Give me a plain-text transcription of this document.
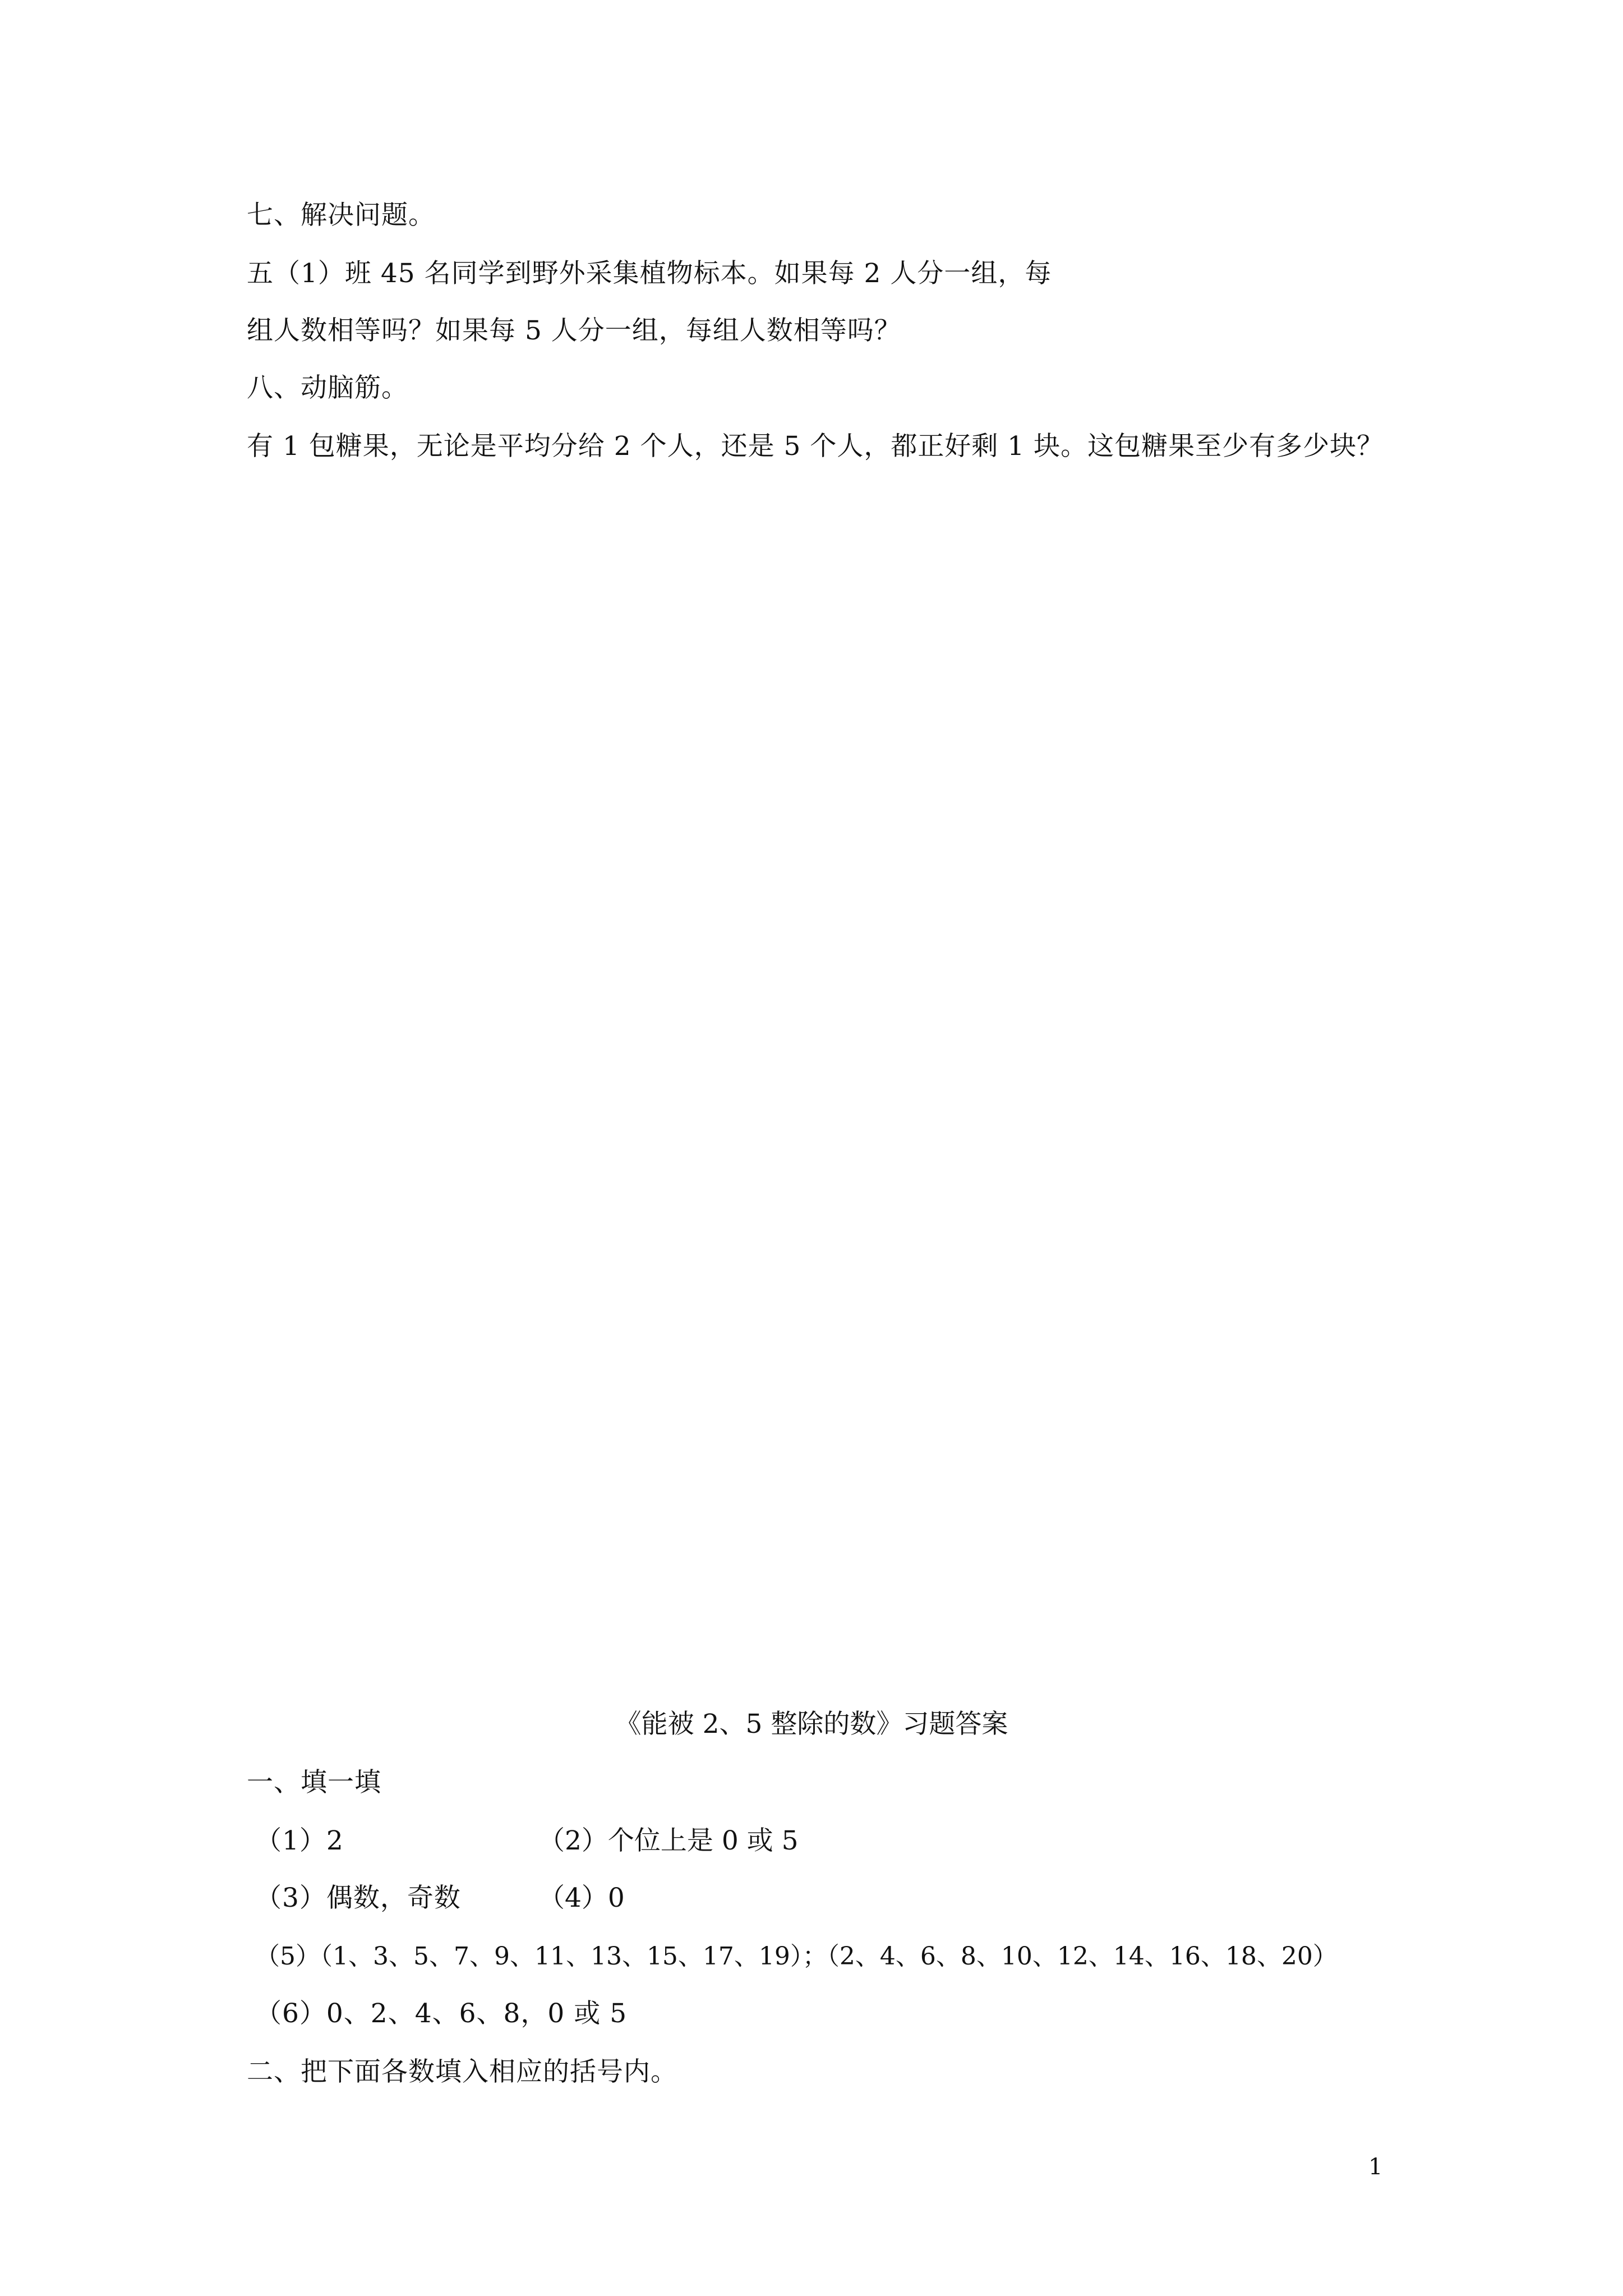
七、解决问题。
五（1）班 45 名同学到野外采集植物标本。如果每 2 人分一组，每
组人数相等吗？如果每 5 人分一组，每组人数相等吗？
八、动脑筋。
有 1 包糖果，无论是平均分给 2 个人，还是 5 个人，都正好剩 1 块。这包糖果至少有多少块？
《能被 2、5 整除的数》习题答案
一、填一填
（1）2	（2）个位上是 0 或 5
（3）偶数，奇数	（4）0
（5）（1、3、5、7、9、11、13、15、17、19）；（2、4、6、8、10、12、14、16、18、20）
（6）0、2、4、6、8，0 或 5
二、把下面各数填入相应的括号内。
1
